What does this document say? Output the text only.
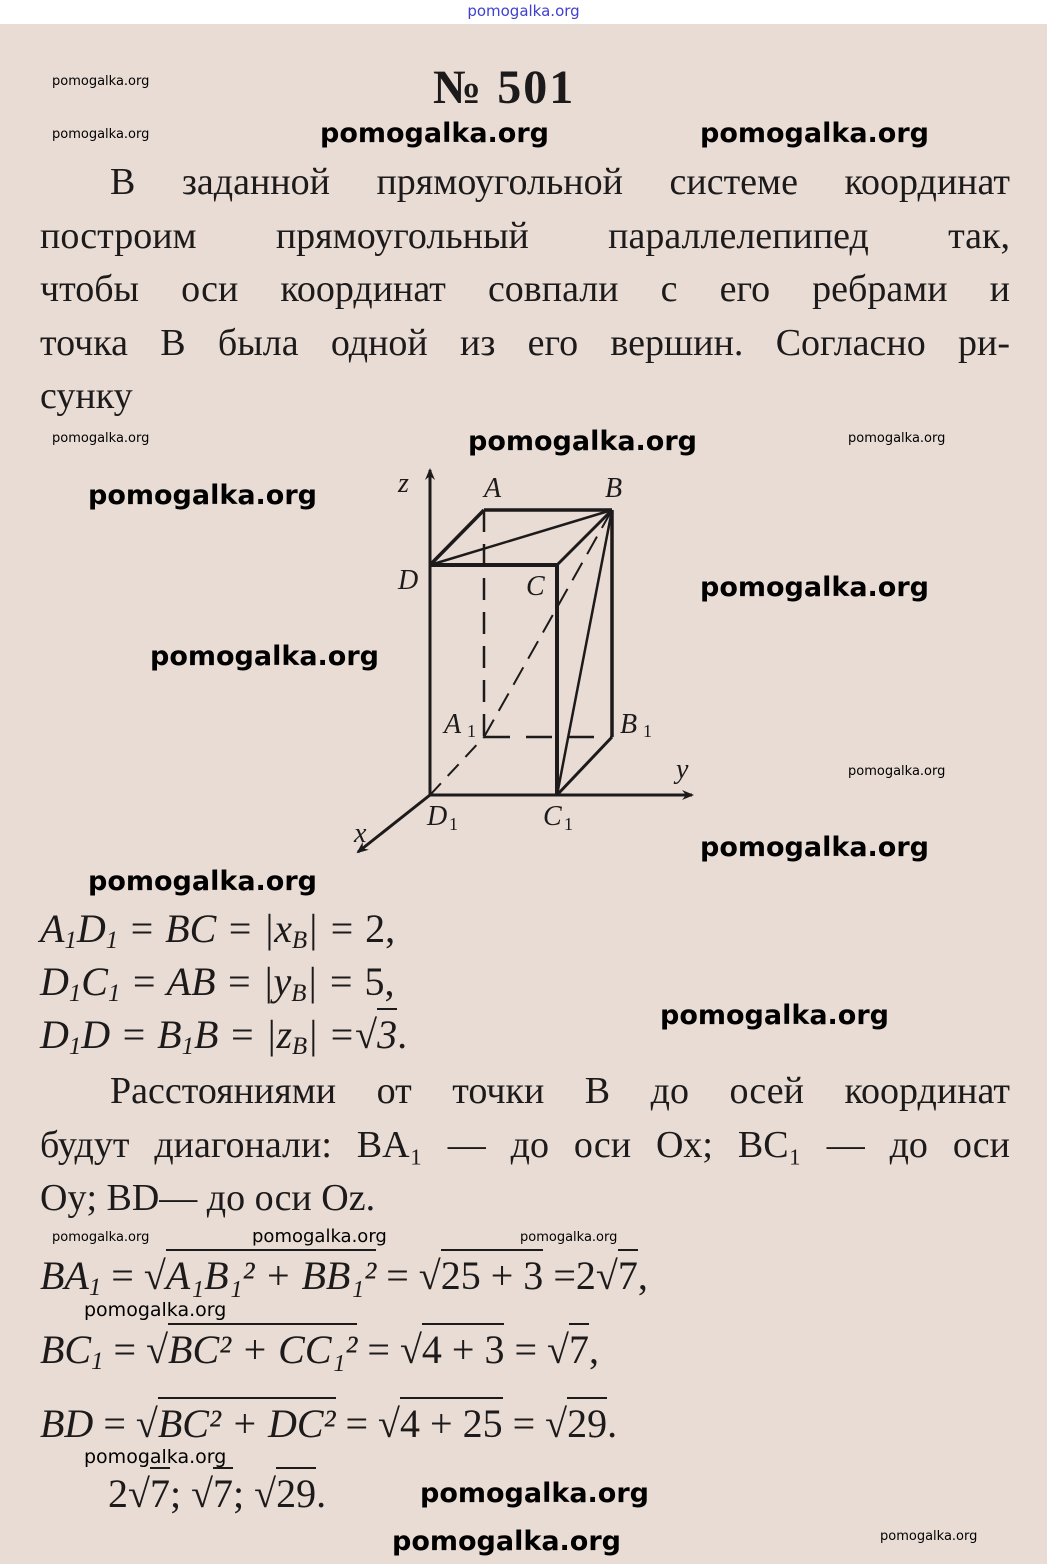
pomogalka.org
№ 501
В заданной прямоугольной системе координат
построим прямоугольный параллелепипед так,
чтобы оси координат совпали с его ребрами и
точка B была одной из его вершин. Согласно ри-
сунку
z	A	B
D	C
A 1	B 1
y
D 1	C 1
x
Расстояниями от точки B до осей координат
будут диагонали: BA₁ — до оси Ox; BC₁ — до оси
Oy; BD— до оси Oz.
pomogalka.org
pomogalka.org	pomogalka.org	pomogalka.org
pomogalka.org	pomogalka.org	pomogalka.org
pomogalka.org
pomogalka.org
pomogalka.org
pomogalka.org
pomogalka.org
pomogalka.org
pomogalka.org
pomogalka.org
pomogalka.org	pomogalka.org
pomogalka.org
pomogalka.org
pomogalka.org
pomogalka.org	pomogalka.org
$A_1D_1$ = BC = $|x_B| = 2$,
$D_1C_1$ = AB = $|y_B| = 5$,
$D_1D = B_1B = |z_B| =√3$.
$BA_1 = √A_1B_1^2 + BB_1^2 = √25 + 3 =2√7$,
$BC_1 = √BC^2 + CC_1^2 = √4 + 3 = √7$,
BD = √BC² + DC² = √4 + 25 = √29.
2√7; √7; √29.
